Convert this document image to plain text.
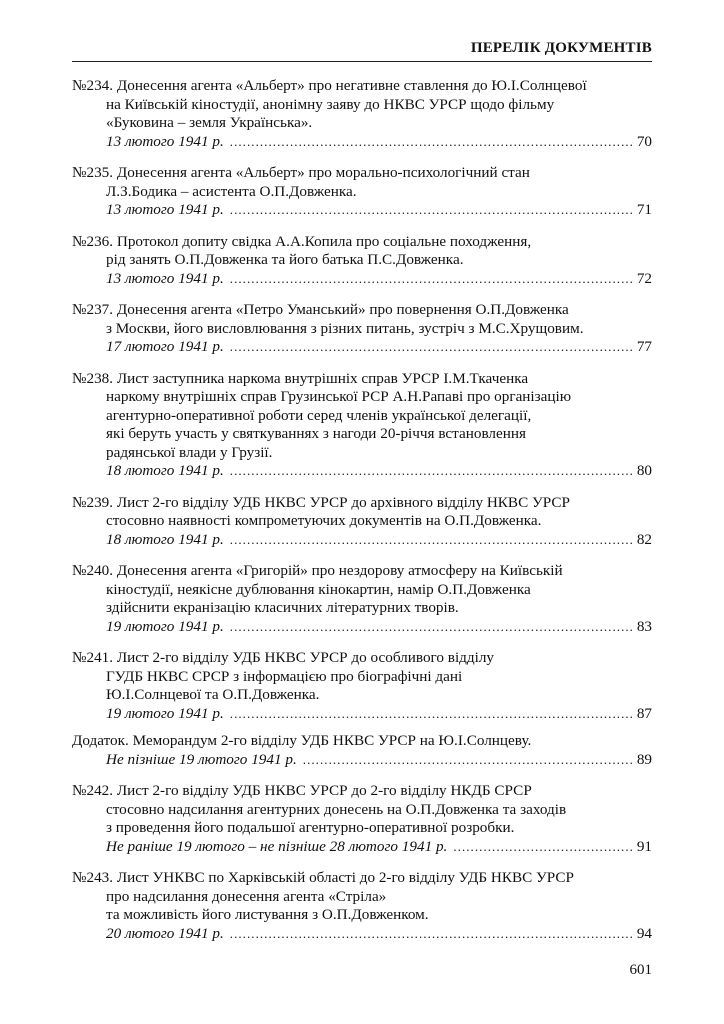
ПЕРЕЛІК ДОКУМЕНТІВ
№234. Донесення агента «Альберт» про негативне ставлення до Ю.І.Солнцевої
на Київській кіностудії, анонімну заяву до НКВС УРСР щодо фільму
«Буковина – земля Українська».
13 лютого 1941 р. . . .	70
№235. Донесення агента «Альберт» про морально-психологічний стан
Л.З.Бодика – асистента О.П.Довженка.
13 лютого 1941 р. . . .	71
№236. Протокол допиту свідка А.А.Копила про соціальне походження,
рід занять О.П.Довженка та його батька П.С.Довженка.
13 лютого 1941 р. . . .	72
№237. Донесення агента «Петро Уманський» про повернення О.П.Довженка
з Москви, його висловлювання з різних питань, зустріч з М.С.Хрущовим.
17 лютого 1941 р. . . .	77
№238. Лист заступника наркома внутрішніх справ УРСР І.М.Ткаченка
наркому внутрішніх справ Грузинської РСР А.Н.Рапаві про організацію
агентурно-оперативної роботи серед членів української делегації,
які беруть участь у святкуваннях з нагоди 20-річчя встановлення
радянської влади у Грузії.
18 лютого 1941 р. . . .	80
№239. Лист 2-го відділу УДБ НКВС УРСР до архівного відділу НКВС УРСР
стосовно наявності компрометуючих документів на О.П.Довженка.
18 лютого 1941 р. . . .	82
№240. Донесення агента «Григорій» про нездорову атмосферу на Київській
кіностудії, неякісне дублювання кінокартин, намір О.П.Довженка
здійснити екранізацію класичних літературних творів.
19 лютого 1941 р. . . .	83
№241. Лист 2-го відділу УДБ НКВС УРСР до особливого відділу
ГУДБ НКВС СРСР з інформацією про біографічні дані
Ю.І.Солнцевої та О.П.Довженка.
19 лютого 1941 р. . . .	87
Додаток. Меморандум 2-го відділу УДБ НКВС УРСР на Ю.І.Солнцеву.
Не пізніше 19 лютого 1941 р. . . .	89
№242. Лист 2-го відділу УДБ НКВС УРСР до 2-го відділу НКДБ СРСР
стосовно надсилання агентурних донесень на О.П.Довженка та заходів
з проведення його подальшої агентурно-оперативної розробки.
Не раніше 19 лютого – не пізніше 28 лютого 1941 р. . . .	91
№243. Лист УНКВС по Харківській області до 2-го відділу УДБ НКВС УРСР
про надсилання донесення агента «Стріла»
та можливість його листування з О.П.Довженком.
20 лютого 1941 р. . . .	94
601
